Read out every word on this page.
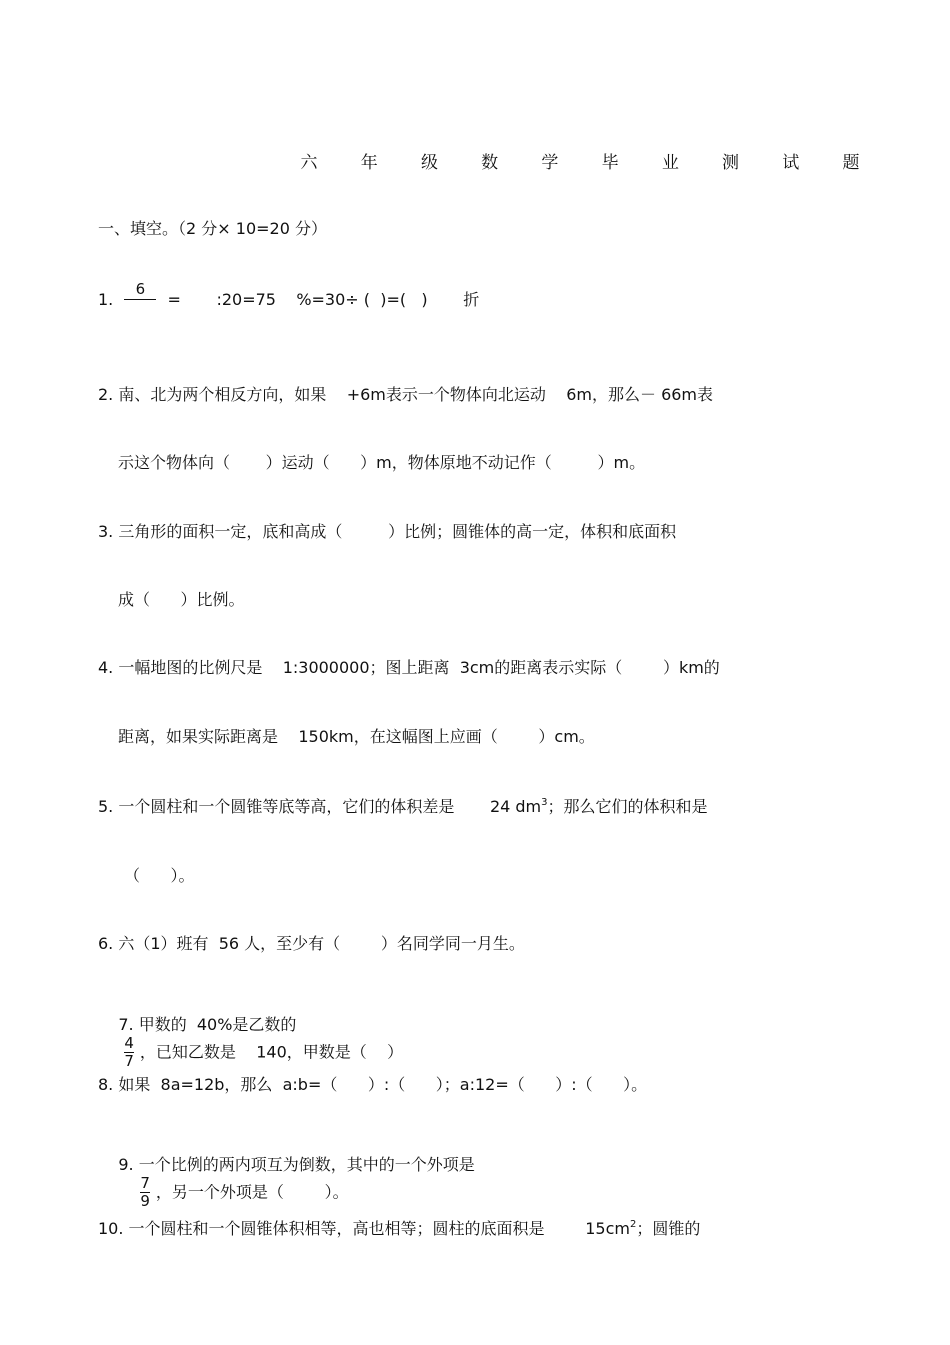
六	年	级	数	学	毕	业	测	试	题
一、填空。（2 分× 10=20 分）
1.
6
=       :20=75    %=30÷ (  )=(   )       折
2. 南、北为两个相反方向，如果    +6m表示一个物体向北运动    6m，那么－ 66m表
示这个物体向（       ）运动（      ）m，物体原地不动记作（         ）m。
3. 三角形的面积一定，底和高成（         ）比例；圆锥体的高一定，体积和底面积
成（      ）比例。
4. 一幅地图的比例尺是    1:3000000；图上距离  3cm的距离表示实际（        ）km的
距离，如果实际距离是    150km，在这幅图上应画（        ）cm。
5. 一个圆柱和一个圆锥等底等高，它们的体积差是       24 $dm^3$；那么它们的体积和是
（      ）。
6. 六（1）班有  56 人，至少有（        ）名同学同一月生。

7. 甲数的  40%是乙数的

$\frac{4}{7}$ ，已知乙数是    140，甲数是（    ）

8. 如果  8a=12b，那么  a:b=（      ）:（      ）；a:12=（      ）:（      ）。

9. 一个比例的两内项互为倒数，其中的一个外项是

$\frac{7}{9}$ ，另一个外项是（        ）。

10. 一个圆柱和一个圆锥体积相等，高也相等；圆柱的底面积是        $15cm^2$；圆锥的
